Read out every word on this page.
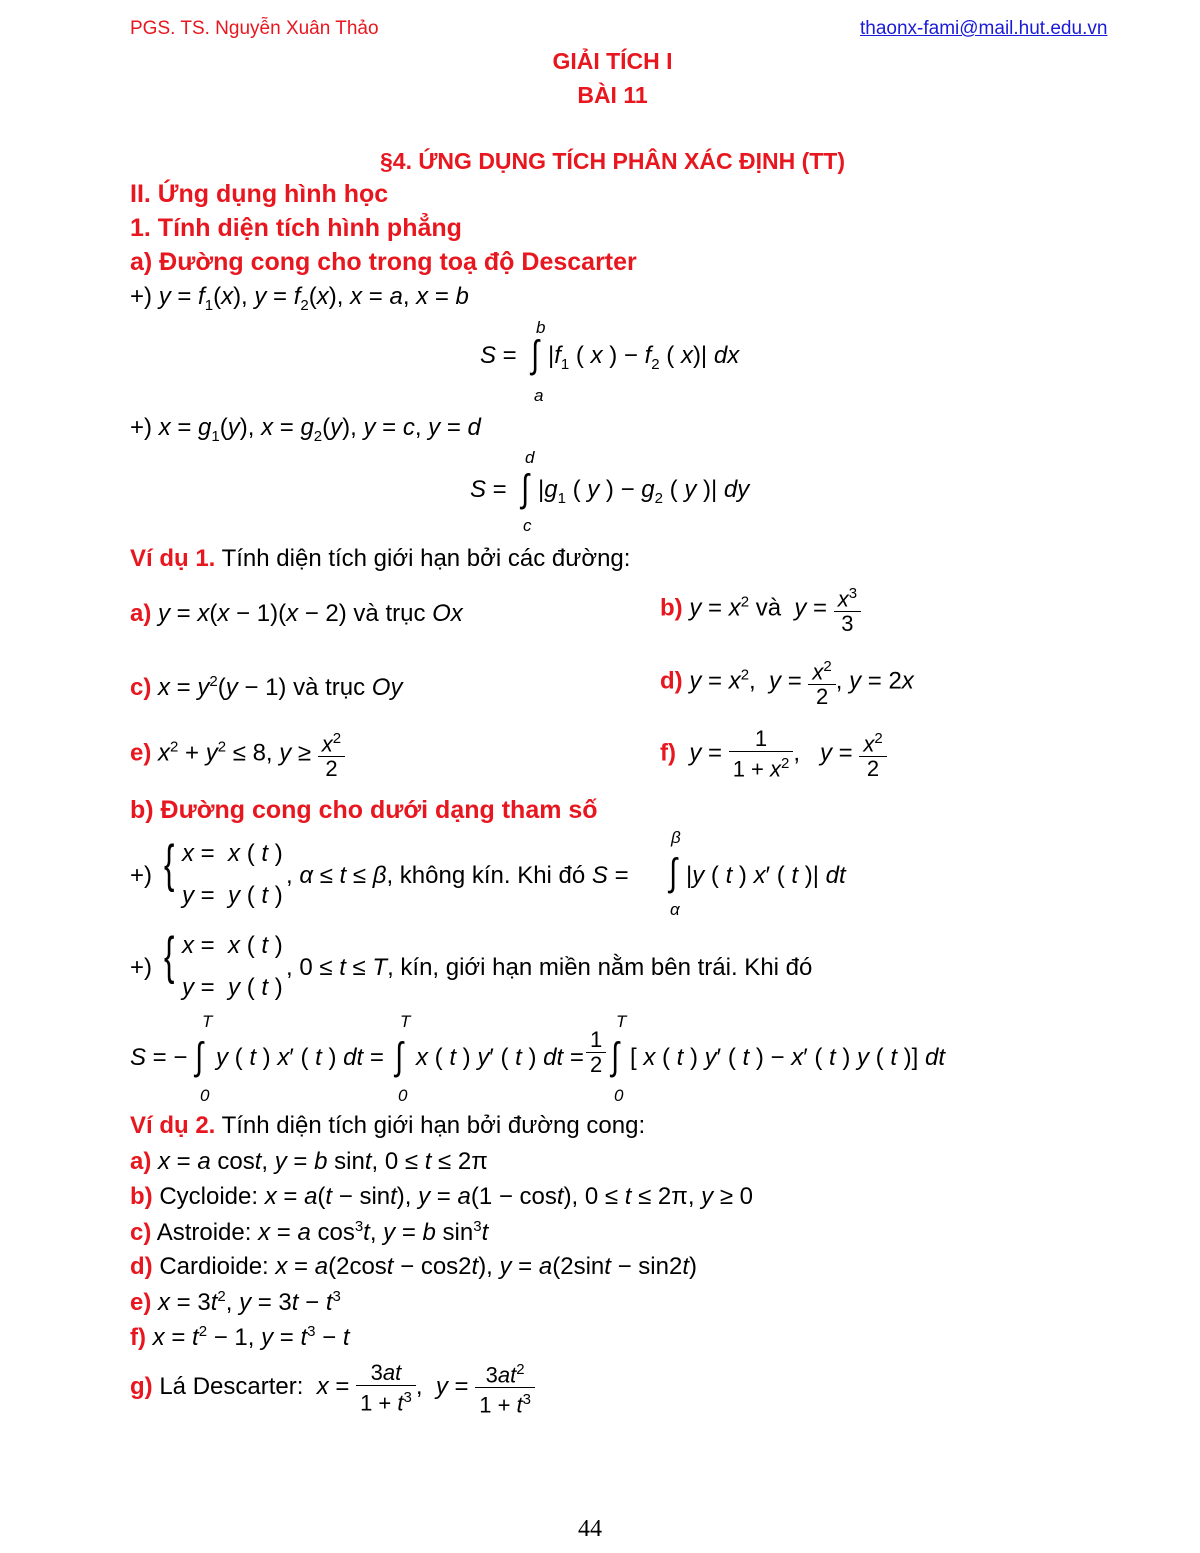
PGS. TS. Nguyễn Xuân Thảo	thaonx-fami@mail.hut.edu.vn
GIẢI TÍCH I
BÀI 11
§4. ỨNG DỤNG TÍCH PHÂN XÁC ĐỊNH (TT)
II. Ứng dụng hình học
1. Tính diện tích hình phẳng
a) Đường cong cho trong toạ độ Descarter
+) $y = f_1(x)$, $y = f_2(x)$, x = a, x = b
b
S = ∫ $|f_1$ ( x ) − $f_2$ ( x)| dx
a
+) $x = g_1(y)$, $x = g_2(y)$, y = c, y = d
d
S = ∫ $|g_1$ ( y ) − $g_2$ ( y )| dy
c
Ví dụ 1. Tính diện tích giới hạn bởi các đường:
a) y = x(x − 1)(x − 2) và trục Ox	b) $y = x^2$ và  $y = \frac{x^3}{3}$
c) $x = y^2(y - 1)$ và trục Oy	d) $y = x^2$,  $y = \frac{x^2}{2}$ , y = 2x
e) $x^2 + y^2 \le 8$, $y \ge \frac{x^2}{2}$	f) $y = \frac{1}{1 + x^2}$ ,   $y = \frac{x^2}{2}$
b) Đường cong cho dưới dạng tham số
+) { x =  x ( t )
y =  y ( t )
, α ≤ t ≤ β, không kín. Khi đó S =
β
∫ |y ( t ) x′ ( t )| dt
α
+) { x =  x ( t )
y =  y ( t )
, 0 ≤ t ≤ T, kín, giới hạn miền nằm bên trái. Khi đó
T
S = − ∫ y ( t ) x′ ( t ) dt =
0
T
∫ x ( t ) y′ ( t ) dt =
0
$\frac{1}{2}$
T
∫ [ x ( t ) y′ ( t ) − x′ ( t ) y ( t )] dt
0
Ví dụ 2. Tính diện tích giới hạn bởi đường cong:
a) x = a cost, y = b sint, 0 ≤ t ≤ 2π
b) Cycloide: x = a(t − sint), y = a(1 − cost), 0 ≤ t ≤ 2π, y ≥ 0
c) Astroide: x = a $\cos^3t$, y = b $\sin^3t$
d) Cardioide: x = a(2cost − cos2t), y = a(2sint − sin2t)
e) $x = 3t^2$, $y = 3t - t^3$
f) $x = t^2 - 1$, $y = t^3 - t$
g) Lá Descarter:  $x = \frac{3at}{1 + t^3}$ ,  $y = \frac{3at^2}{1 + t^3}$
44
